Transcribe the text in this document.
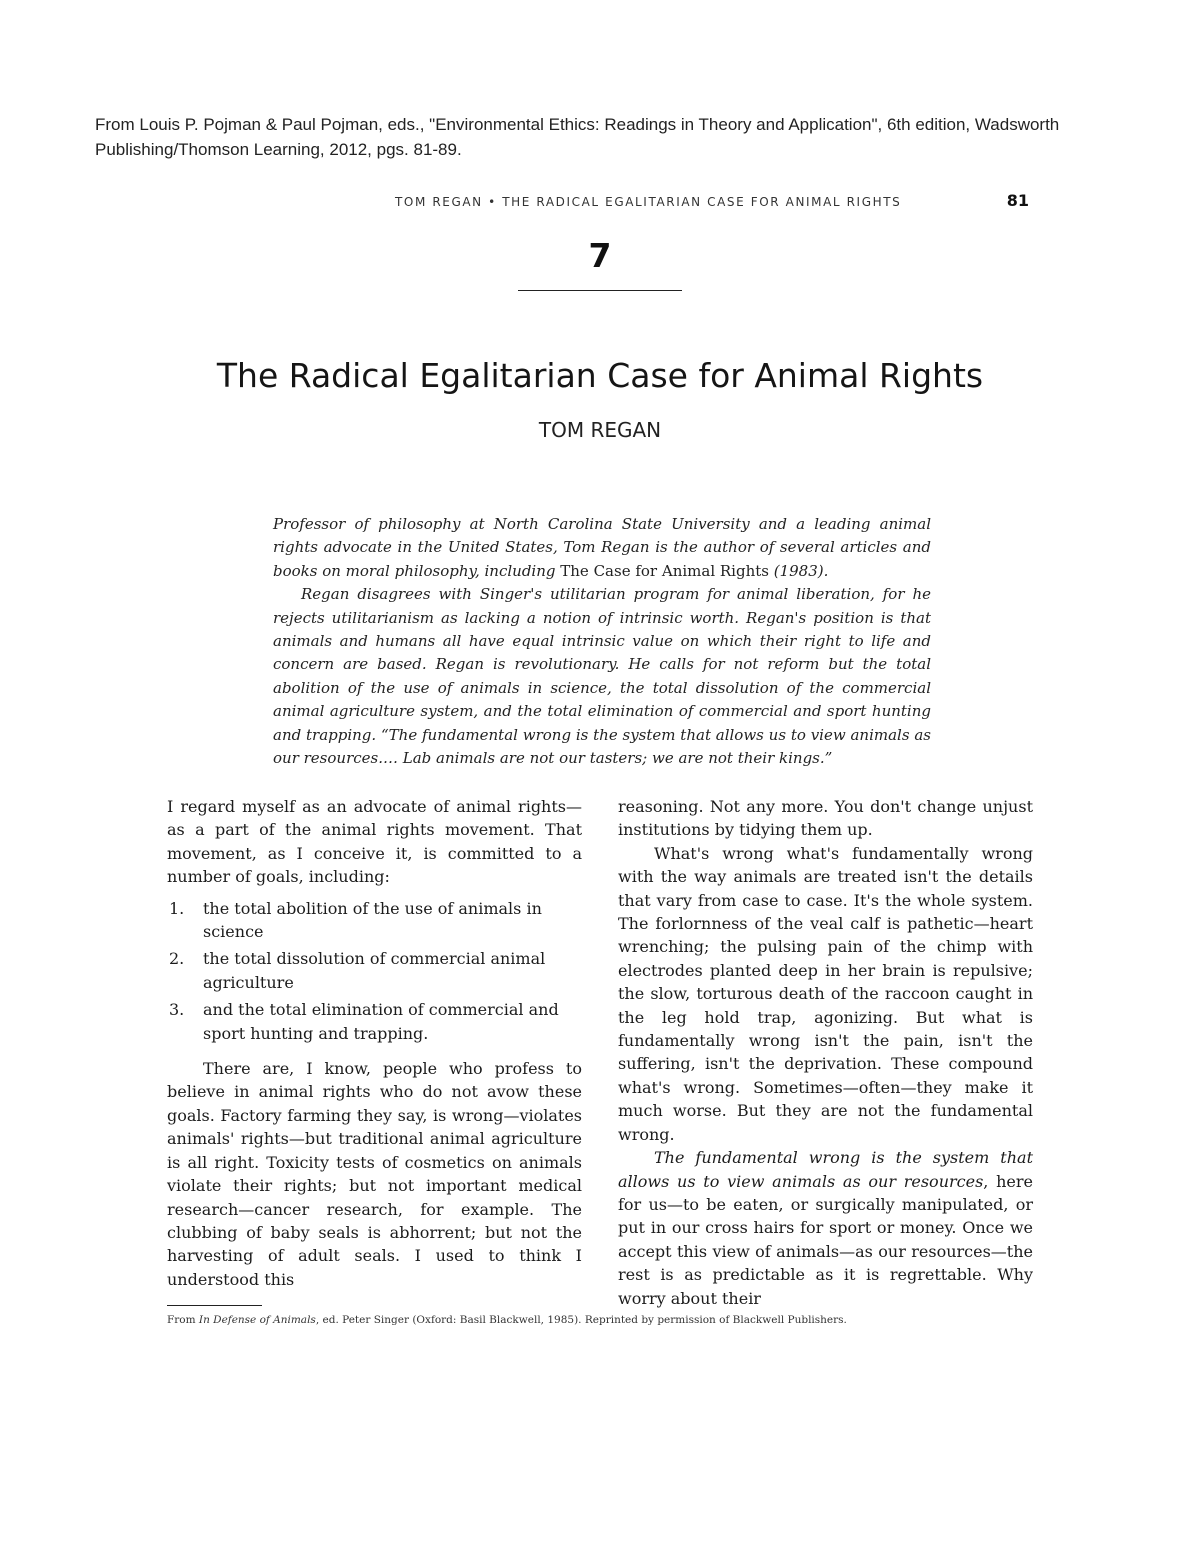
From Louis P. Pojman & Paul Pojman, eds., "Environmental Ethics: Readings in Theory and Application", 6th edition, Wadsworth Publishing/Thomson Learning, 2012, pgs. 81-89.
TOM REGAN • THE RADICAL EGALITARIAN CASE FOR ANIMAL RIGHTS	81
7
The Radical Egalitarian Case for Animal Rights
TOM REGAN

Professor of philosophy at North Carolina State University and a leading animal rights advocate in the United States, Tom Regan is the author of several articles and books on moral philosophy, including The Case for Animal Rights (1983).

Regan disagrees with Singer's utilitarian program for animal liberation, for he rejects utilitarianism as lacking a notion of intrinsic worth. Regan's position is that animals and humans all have equal intrinsic value on which their right to life and concern are based. Regan is revolutionary. He calls for not reform but the total abolition of the use of animals in science, the total dissolution of the commercial animal agriculture system, and the total elimination of commercial and sport hunting and trapping. “The fundamental wrong is the system that allows us to view animals as our resources.… Lab animals are not our tasters; we are not their kings.”

I regard myself as an advocate of animal rights—as a part of the animal rights movement. That movement, as I conceive it, is committed to a number of goals, including:

1. the total abolition of the use of animals in science
2. the total dissolution of commercial animal agriculture
3. and the total elimination of commercial and sport hunting and trapping.

There are, I know, people who profess to believe in animal rights who do not avow these goals. Factory farming they say, is wrong—violates animals' rights—but traditional animal agriculture is all right. Toxicity tests of cosmetics on animals violate their rights; but not important medical research—cancer research, for example. The clubbing of baby seals is abhorrent; but not the harvesting of adult seals. I used to think I understood this

reasoning. Not any more. You don't change unjust institutions by tidying them up.

What's wrong what's fundamentally wrong with the way animals are treated isn't the details that vary from case to case. It's the whole system. The forlornness of the veal calf is pathetic—heart wrenching; the pulsing pain of the chimp with electrodes planted deep in her brain is repulsive; the slow, torturous death of the raccoon caught in the leg hold trap, agonizing. But what is fundamentally wrong isn't the pain, isn't the suffering, isn't the deprivation. These compound what's wrong. Sometimes—often—they make it much worse. But they are not the fundamental wrong.

The fundamental wrong is the system that allows us to view animals as our resources, here for us—to be eaten, or surgically manipulated, or put in our cross hairs for sport or money. Once we accept this view of animals—as our resources—the rest is as predictable as it is regrettable. Why worry about their

From In Defense of Animals, ed. Peter Singer (Oxford: Basil Blackwell, 1985). Reprinted by permission of Blackwell Publishers.
